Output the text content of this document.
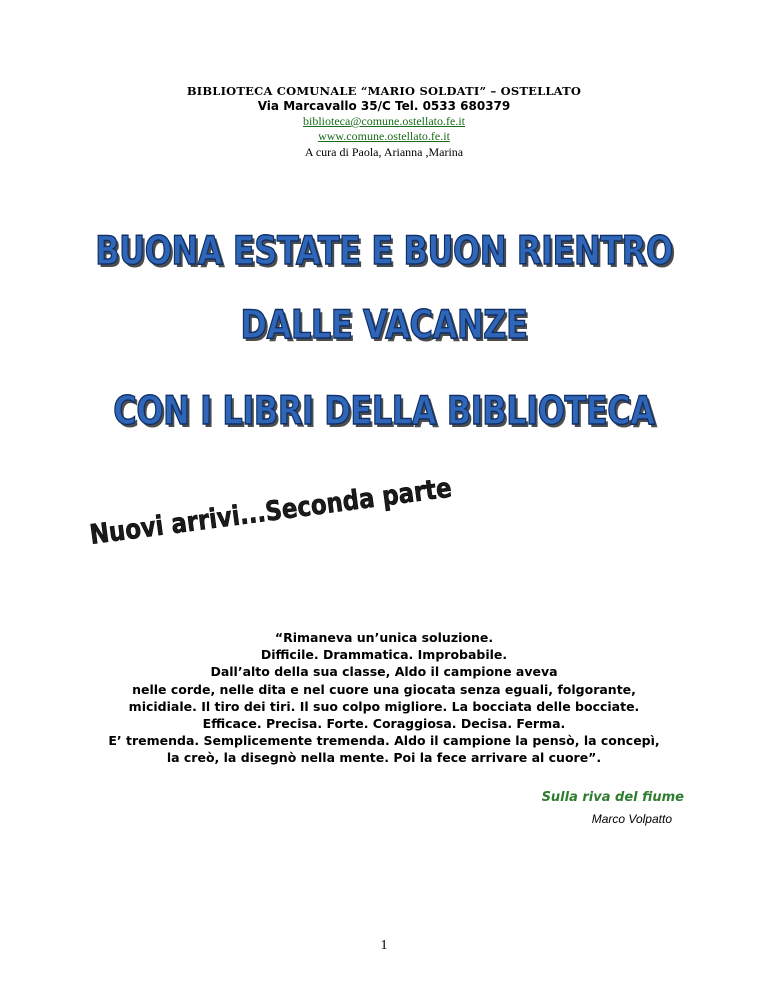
BIBLIOTECA COMUNALE “MARIO SOLDATI” – OSTELLATO
Via Marcavallo 35/C Tel. 0533 680379
biblioteca@comune.ostellato.fe.it
www.comune.ostellato.fe.it
A cura di Paola, Arianna ,Marina
BUONA ESTATE E BUON RIENTRO
DALLE VACANZE
CON I LIBRI DELLA BIBLIOTECA
Nuovi arrivi...Seconda parte
“Rimaneva un’unica soluzione.
Difficile. Drammatica. Improbabile.
Dall’alto della sua classe, Aldo il campione aveva
nelle corde, nelle dita e nel cuore una giocata senza eguali, folgorante,
micidiale. Il tiro dei tiri. Il suo colpo migliore. La bocciata delle bocciate.
Efficace. Precisa. Forte. Coraggiosa. Decisa. Ferma.
E’ tremenda. Semplicemente tremenda. Aldo il campione la pensò, la concepì,
la creò, la disegnò nella mente. Poi la fece arrivare al cuore”.
Sulla riva del fiume
Marco Volpatto
1
